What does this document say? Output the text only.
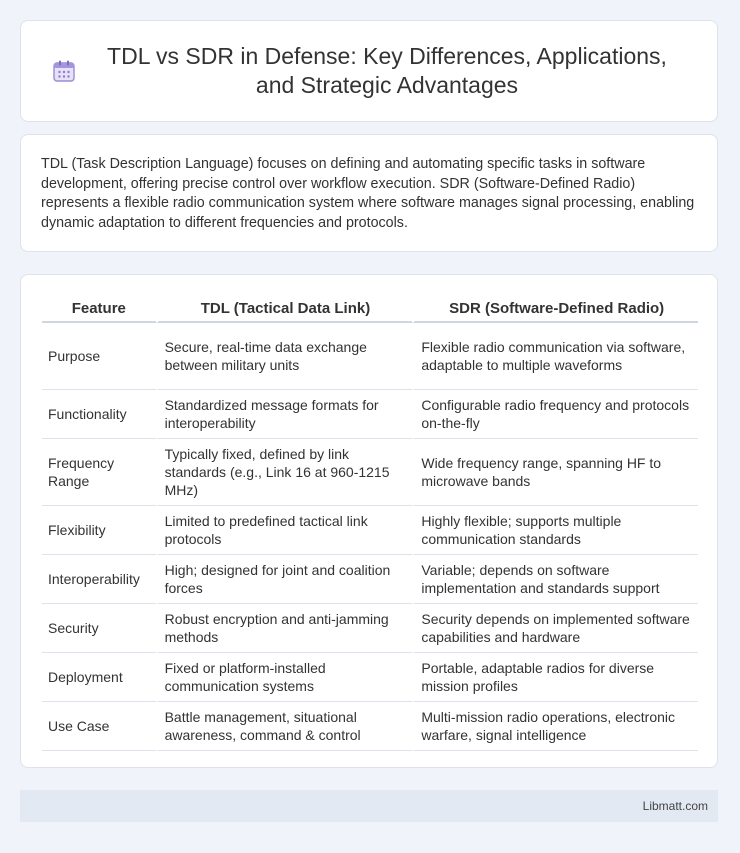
TDL vs SDR in Defense: Key Differences, Applications, and Strategic Advantages

TDL (Task Description Language) focuses on defining and automating specific tasks in software development, offering precise control over workflow execution. SDR (Software-Defined Radio) represents a flexible radio communication system where software manages signal processing, enabling dynamic adaptation to different frequencies and protocols.

Feature	TDL (Tactical Data Link)	SDR (Software-Defined Radio)
Purpose	Secure, real-time data exchange between military units	Flexible radio communication via software, adaptable to multiple waveforms
Functionality	Standardized message formats for interoperability	Configurable radio frequency and protocols on-the-fly
Frequency Range	Typically fixed, defined by link standards (e.g., Link 16 at 960-1215 MHz)	Wide frequency range, spanning HF to microwave bands
Flexibility	Limited to predefined tactical link protocols	Highly flexible; supports multiple communication standards
Interoperability	High; designed for joint and coalition forces	Variable; depends on software implementation and standards support
Security	Robust encryption and anti-jamming methods	Security depends on implemented software capabilities and hardware
Deployment	Fixed or platform-installed communication systems	Portable, adaptable radios for diverse mission profiles
Use Case	Battle management, situational awareness, command & control	Multi-mission radio operations, electronic warfare, signal intelligence
Libmatt.com
